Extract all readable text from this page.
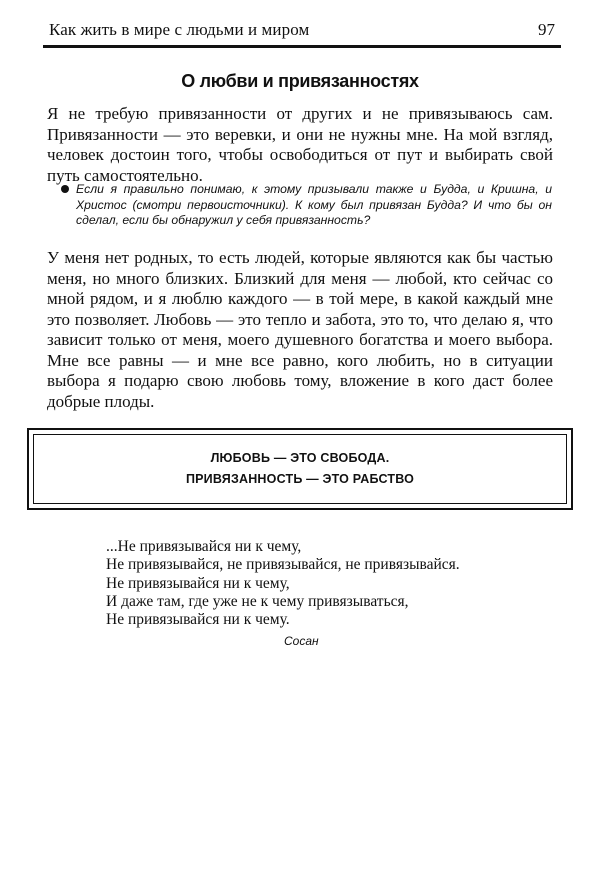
Как жить в мире с людьми и миром	97
О любви и привязанностях

Я не требую привязанности от других и не привязываюсь сам. Привязанности — это веревки, и они не нужны мне. На мой взгляд, человек достоин того, чтобы освободиться от пут и выбирать свой путь самостоятельно.

Если я правильно понимаю, к этому призывали также и Будда, и Кришна, и Христос (смотри первоисточники). К кому был привязан Будда? И что бы он сделал, если бы обнаружил у себя привязанность?

У меня нет родных, то есть людей, которые являются как бы частью меня, но много близких. Близкий для меня — любой, кто сейчас со мной рядом, и я люблю каждого — в той мере, в какой каждый мне это позволяет. Любовь — это тепло и забота, это то, что делаю я, что зависит только от меня, моего душевного богатства и моего выбора. Мне все равны — и мне все равно, кого любить, но в ситуации выбора я подарю свою любовь тому, вложение в кого даст более добрые плоды.

ЛЮБОВЬ — ЭТО СВОБОДА.
ПРИВЯЗАННОСТЬ — ЭТО РАБСТВО
...Не привязывайся ни к чему,
Не привязывайся, не привязывайся, не привязывайся.
Не привязывайся ни к чему,
И даже там, где уже не к чему привязываться,
Не привязывайся ни к чему.
Сосан
